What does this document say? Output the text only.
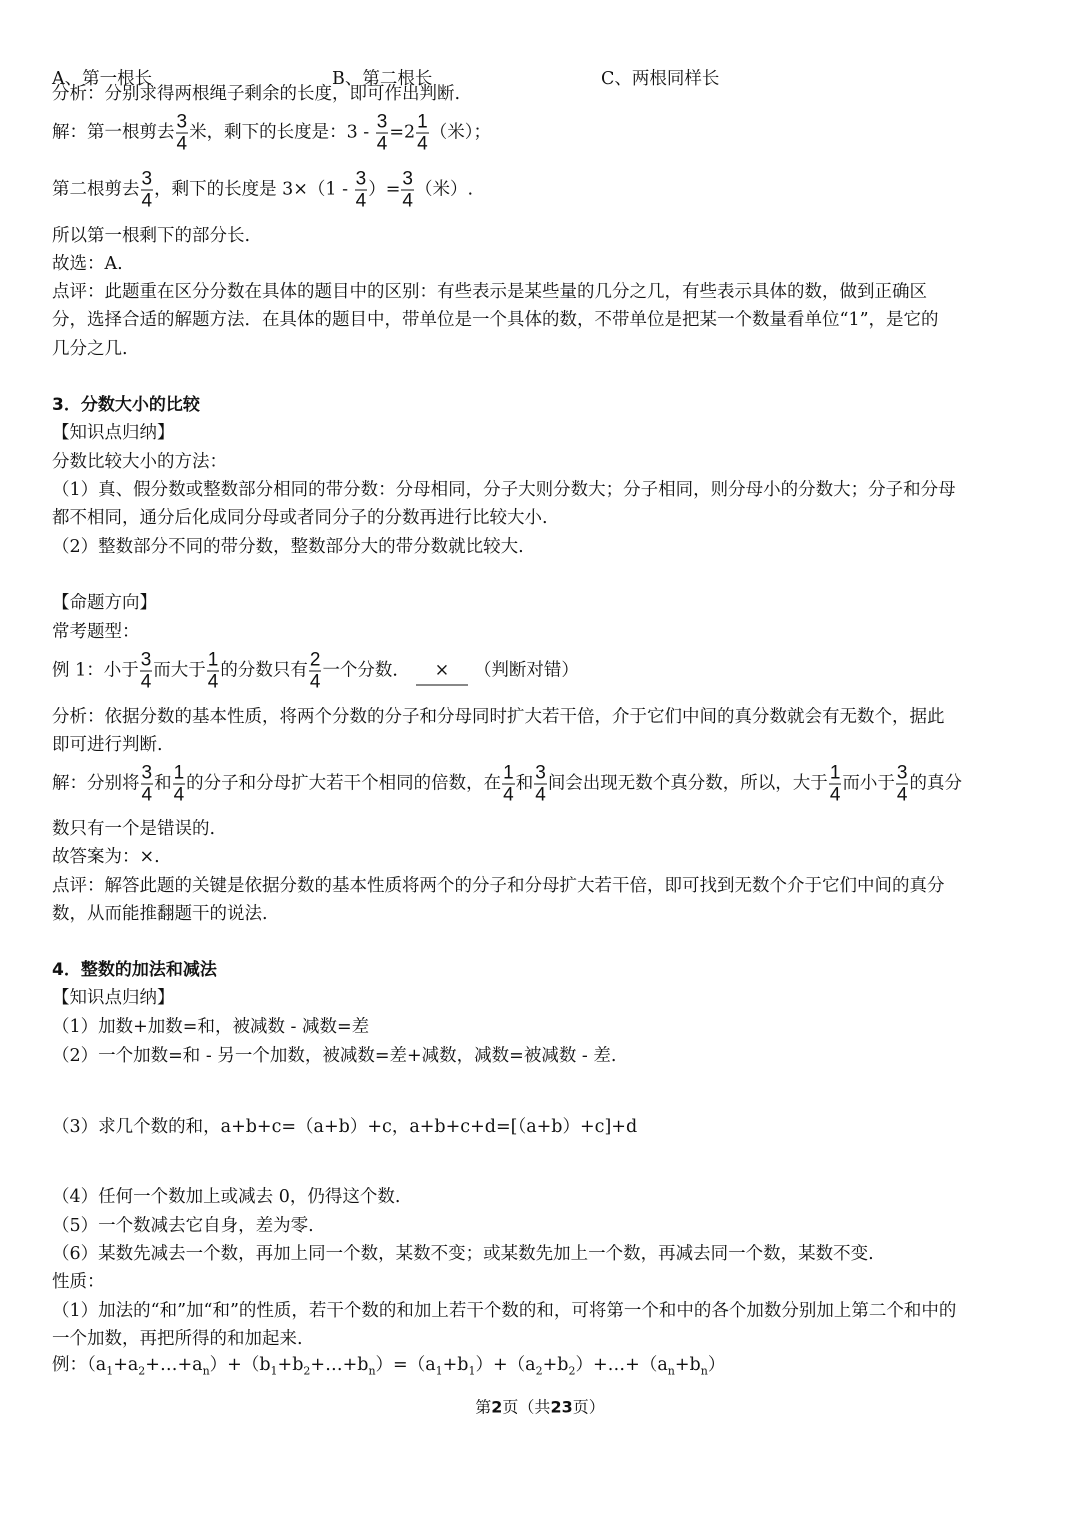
A、第一根长	B、第二根长	C、两根同样长
分析：分别求得两根绳子剩余的长度，即可作出判断.
解：第一根剪去 $\frac{3}{4}$ 米，剩下的长度是：$3 - \frac{3}{4} =2 \frac{1}{4}$ （米）；
第二根剪去 $\frac{3}{4}$ ，剩下的长度是 $3\times(1 - \frac{3}{4}$ ）= $\frac{3}{4}$ （米）.
所以第一根剩下的部分长.
故选：A.
点评：此题重在区分分数在具体的题目中的区别：有些表示是某些量的几分之几，有些表示具体的数，做到正确区
分，选择合适的解题方法．在具体的题目中，带单位是一个具体的数，不带单位是把某一个数量看单位“1”，是它的
几分之几.
3．分数大小的比较
【知识点归纳】
分数比较大小的方法：
（1）真、假分数或整数部分相同的带分数：分母相同，分子大则分数大；分子相同，则分母小的分数大；分子和分母
都不相同，通分后化成同分母或者同分子的分数再进行比较大小.
（2）整数部分不同的带分数，整数部分大的带分数就比较大.
【命题方向】
常考题型：
例 1：小于 $\frac{3}{4}$ 而大于 $\frac{1}{4}$ 的分数只有 $\frac{2}{4}$ 一个分数． × （判断对错）
分析：依据分数的基本性质，将两个分数的分子和分母同时扩大若干倍，介于它们中间的真分数就会有无数个，据此
即可进行判断.
解：分别将 $\frac{3}{4}$ 和 $\frac{1}{4}$ 的分子和分母扩大若干个相同的倍数，在 $\frac{1}{4}$ 和 $\frac{3}{4}$ 间会出现无数个真分数，所以，大于 $\frac{1}{4}$ 而小于 $\frac{3}{4}$ 的真分
数只有一个是错误的.
故答案为：×.
点评：解答此题的关键是依据分数的基本性质将两个的分子和分母扩大若干倍，即可找到无数个介于它们中间的真分
数，从而能推翻题干的说法.
4．整数的加法和减法
【知识点归纳】
（1）加数+加数=和，被减数 - 减数=差
（2）一个加数=和 - 另一个加数，被减数=差+减数，减数=被减数 - 差.
（3）求几个数的和，a+b+c=（a+b）+c，a+b+c+d=[（a+b）+c]+d
（4）任何一个数加上或减去 0，仍得这个数.
（5）一个数减去它自身，差为零.
（6）某数先减去一个数，再加上同一个数，某数不变；或某数先加上一个数，再减去同一个数，某数不变.
性质：
（1）加法的“和”加“和”的性质，若干个数的和加上若干个数的和，可将第一个和中的各个加数分别加上第二个和中的
一个加数，再把所得的和加起来.
例：$(a_1+a_2+\dots+a_n)+(b_1+b_2+\dots+b_n)=(a_1+b_1)+(a_2+b_2)+\dots+(a_n+b_n)$
第2页（共23页）
